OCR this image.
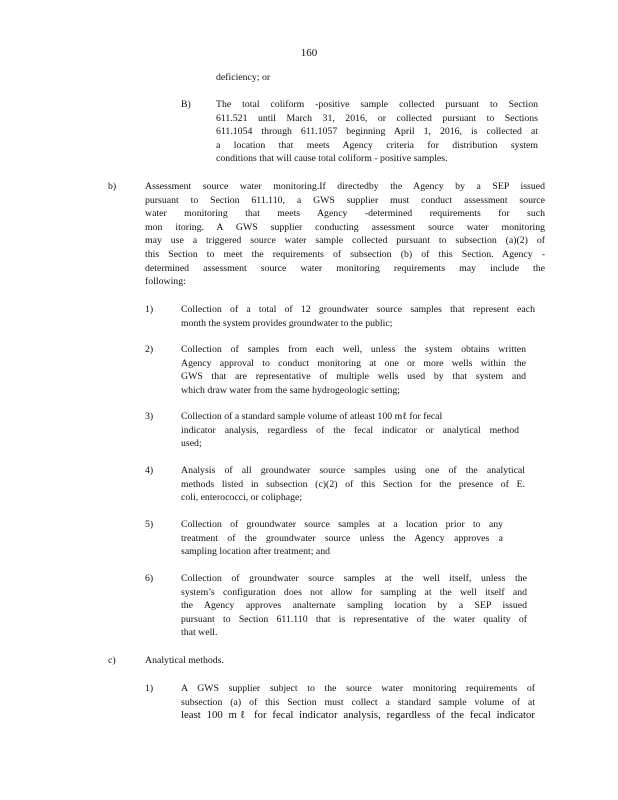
160
deficiency; or
B)	The total coliform -positive sample collected pursuant to Section
611.521 until March 31, 2016, or collected pursuant to Sections
611.1054 through 611.1057 beginning April 1, 2016, is collected at
a location that meets Agency criteria for distribution system
conditions that will cause total coliform - positive samples.
b)	Assessment source water monitoring.If directedby the Agency by a SEP issued
pursuant to Section 611.110, a GWS supplier must conduct assessment source
water monitoring that meets Agency -determined requirements for such
mon itoring. A GWS supplier conducting assessment source water monitoring
may use a triggered source water sample collected pursuant to subsection (a)(2) of
this Section to meet the requirements of subsection (b) of this Section. Agency -
determined assessment source water monitoring requirements may include the
following:
1)	Collection of a total of 12 groundwater source samples that represent each
month the system provides groundwater to the public;
2)	Collection of samples from each well, unless the system obtains written
Agency approval to conduct monitoring at one or more wells within the
GWS that are representative of multiple wells used by that system and
which draw water from the same hydrogeologic setting;
3)	Collection of a standard sample volume of atleast 100 mℓ for fecal
indicator analysis, regardless of the fecal indicator or analytical method
used;
4)	Analysis of all groundwater source samples using one of the analytical
methods listed in subsection (c)(2) of this Section for the presence of E.
coli, enterococci, or coliphage;
5)	Collection of groundwater source samples at a location prior to any
treatment of the groundwater source unless the Agency approves a
sampling location after treatment; and
6)	Collection of groundwater source samples at the well itself, unless the
system’s configuration does not allow for sampling at the well itself and
the Agency approves analternate sampling location by a SEP issued
pursuant to Section 611.110 that is representative of the water quality of
that well.
c)	Analytical methods.
1)	A GWS supplier subject to the source water monitoring requirements of
subsection (a) of this Section must collect a standard sample volume of at
least 100 mℓ for fecal indicator analysis, regardless of the fecal indicator
